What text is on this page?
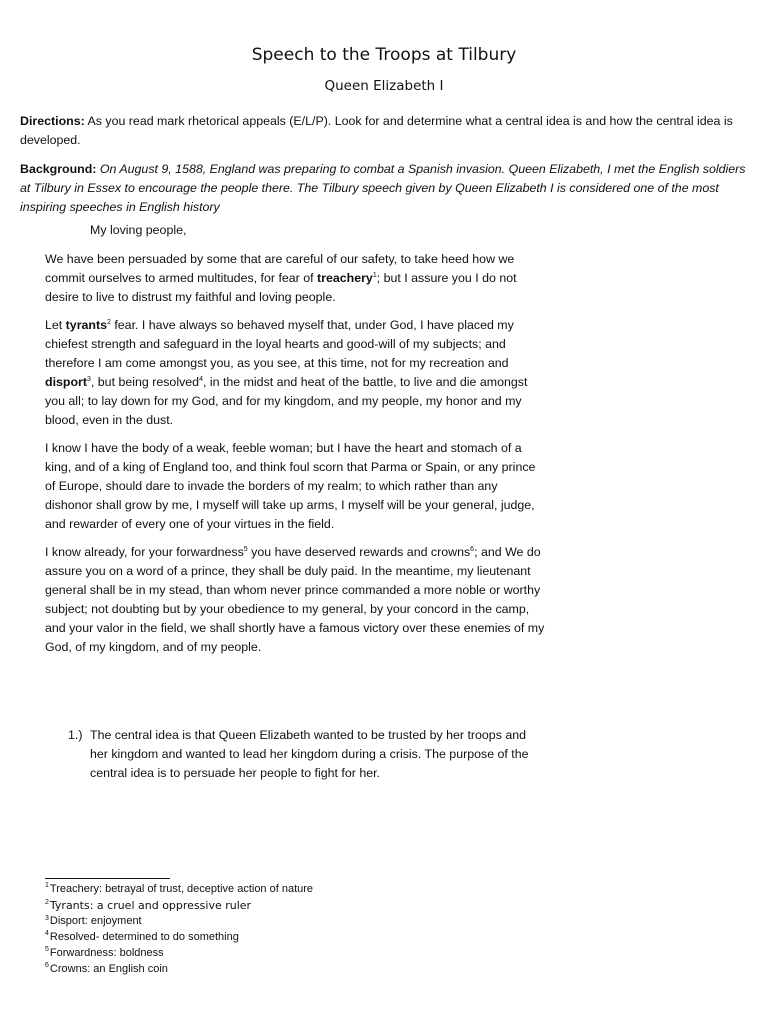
Speech to the Troops at Tilbury
Queen Elizabeth I
Directions: As you read mark rhetorical appeals (E/L/P). Look for and determine what a central idea is and how the central idea is developed.
Background: On August 9, 1588, England was preparing to combat a Spanish invasion. Queen Elizabeth, I met the English soldiers at Tilbury in Essex to encourage the people there. The Tilbury speech given by Queen Elizabeth I is considered one of the most inspiring speeches in English history
My loving people,
We have been persuaded by some that are careful of our safety, to take heed how we commit ourselves to armed multitudes, for fear of treachery$^1$; but I assure you I do not desire to live to distrust my faithful and loving people.
Let tyrants$^2$ fear. I have always so behaved myself that, under God, I have placed my chiefest strength and safeguard in the loyal hearts and good-will of my subjects; and therefore I am come amongst you, as you see, at this time, not for my recreation and disport$^3$, but being resolved$^4$, in the midst and heat of the battle, to live and die amongst you all; to lay down for my God, and for my kingdom, and my people, my honor and my blood, even in the dust.
I know I have the body of a weak, feeble woman; but I have the heart and stomach of a king, and of a king of England too, and think foul scorn that Parma or Spain, or any prince of Europe, should dare to invade the borders of my realm; to which rather than any dishonor shall grow by me, I myself will take up arms, I myself will be your general, judge, and rewarder of every one of your virtues in the field.
I know already, for your forwardness$^5$ you have deserved rewards and crowns$^6$; and We do assure you on a word of a prince, they shall be duly paid. In the meantime, my lieutenant general shall be in my stead, than whom never prince commanded a more noble or worthy subject; not doubting but by your obedience to my general, by your concord in the camp, and your valor in the field, we shall shortly have a famous victory over these enemies of my God, of my kingdom, and of my people.
1.) The central idea is that Queen Elizabeth wanted to be trusted by her troops and her kingdom and wanted to lead her kingdom during a crisis. The purpose of the central idea is to persuade her people to fight for her.
$^1$Treachery: betrayal of trust, deceptive action of nature
$^2$Tyrants: a cruel and oppressive ruler
$^3$Disport: enjoyment
$^4$Resolved- determined to do something
$^5$Forwardness: boldness
$^6$Crowns: an English coin
